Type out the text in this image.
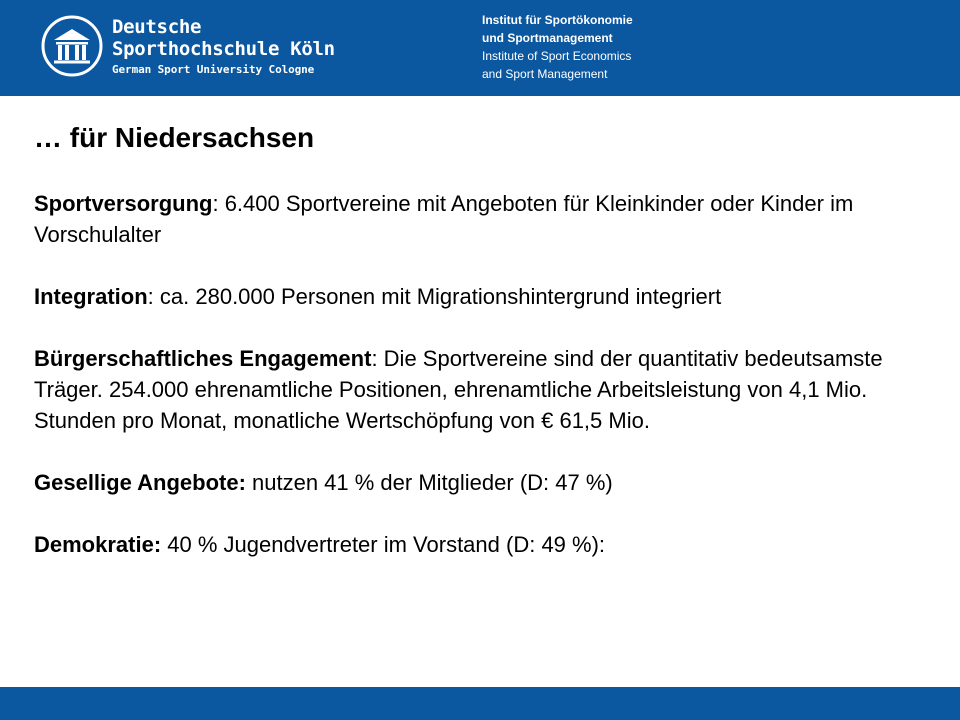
Deutsche
Sporthochschule Köln
German Sport University Cologne
Institut für Sportökonomie
und Sportmanagement
Institute of Sport Economics
and Sport Management
… für Niedersachsen

Sportversorgung: 6.400 Sportvereine mit Angeboten für Kleinkinder oder Kinder im Vorschulalter

Integration: ca. 280.000 Personen mit Migrationshintergrund integriert

Bürgerschaftliches Engagement: Die Sportvereine sind der quantitativ bedeutsamste Träger. 254.000 ehrenamtliche Positionen, ehrenamtliche Arbeitsleistung von 4,1 Mio. Stunden pro Monat, monatliche Wertschöpfung von € 61,5 Mio.

Gesellige Angebote: nutzen 41 % der Mitglieder (D: 47 %)

Demokratie: 40 % Jugendvertreter im Vorstand (D: 49 %):
